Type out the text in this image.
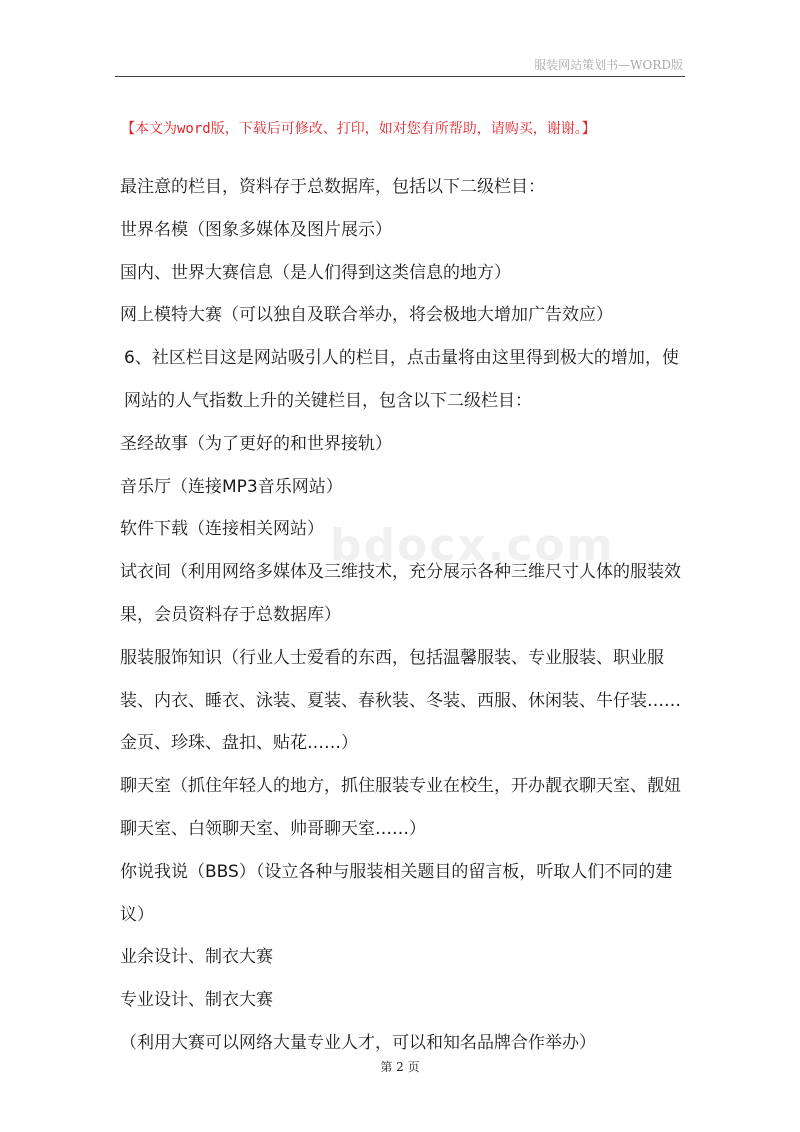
服装网站策划书—WORD版
【本文为word版，下载后可修改、打印，如对您有所帮助，请购买，谢谢。】
bdocx.com

最注意的栏目，资料存于总数据库，包括以下二级栏目：

世界名模（图象多媒体及图片展示）

国内、世界大赛信息（是人们得到这类信息的地方）

网上模特大赛（可以独自及联合举办，将会极地大增加广告效应）

6、社区栏目这是网站吸引人的栏目，点击量将由这里得到极大的增加，使网站的人气指数上升的关键栏目，包含以下二级栏目：

圣经故事（为了更好的和世界接轨）

音乐厅（连接MP3音乐网站）

软件下载（连接相关网站）

试衣间（利用网络多媒体及三维技术，充分展示各种三维尺寸人体的服装效果，会员资料存于总数据库）

服装服饰知识（行业人士爱看的东西，包括温馨服装、专业服装、职业服装、内衣、睡衣、泳装、夏装、春秋装、冬装、西服、休闲装、牛仔装……金页、珍珠、盘扣、贴花……）

聊天室（抓住年轻人的地方，抓住服装专业在校生，开办靓衣聊天室、靓妞聊天室、白领聊天室、帅哥聊天室……）

你说我说（BBS）（设立各种与服装相关题目的留言板，听取人们不同的建议）

业余设计、制衣大赛

专业设计、制衣大赛

（利用大赛可以网络大量专业人才，可以和知名品牌合作举办）

第 2 页
